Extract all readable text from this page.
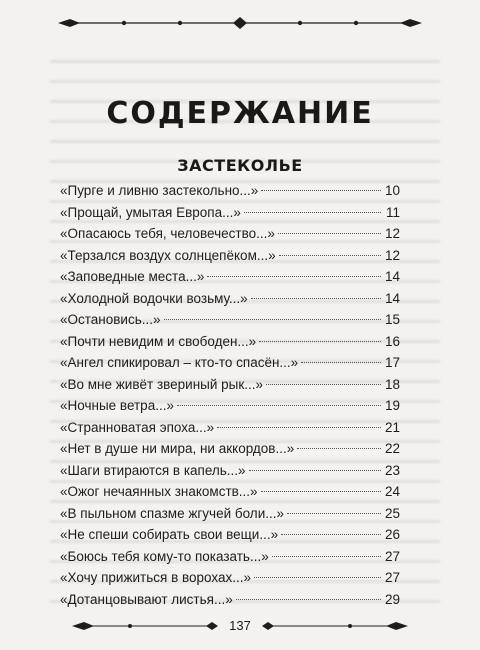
СОДЕРЖАНИЕ
ЗАСТЕКОЛЬЕ
«Пурге и ливню застекольно...»	10
«Прощай, умытая Европа...»	11
«Опасаюсь тебя, человечество...»	12
«Терзался воздух солнцепёком...»	12
«Заповедные места...»	14
«Холодной водочки возьму...»	14
«Остановись...»	15
«Почти невидим и свободен...»	16
«Ангел спикировал – кто-то спасён...»	17
«Во мне живёт звериный рык...»	18
«Ночные ветра...»	19
«Странноватая эпоха...»	21
«Нет в душе ни мира, ни аккордов...»	22
«Шаги втираются в капель...»	23
«Ожог нечаянных знакомств...»	24
«В пыльном спазме жгучей боли...»	25
«Не спеши собирать свои вещи...»	26
«Боюсь тебя кому-то показать...»	27
«Хочу прижиться в ворохах...»	27
«Дотанцовывают листья...»	29
137
